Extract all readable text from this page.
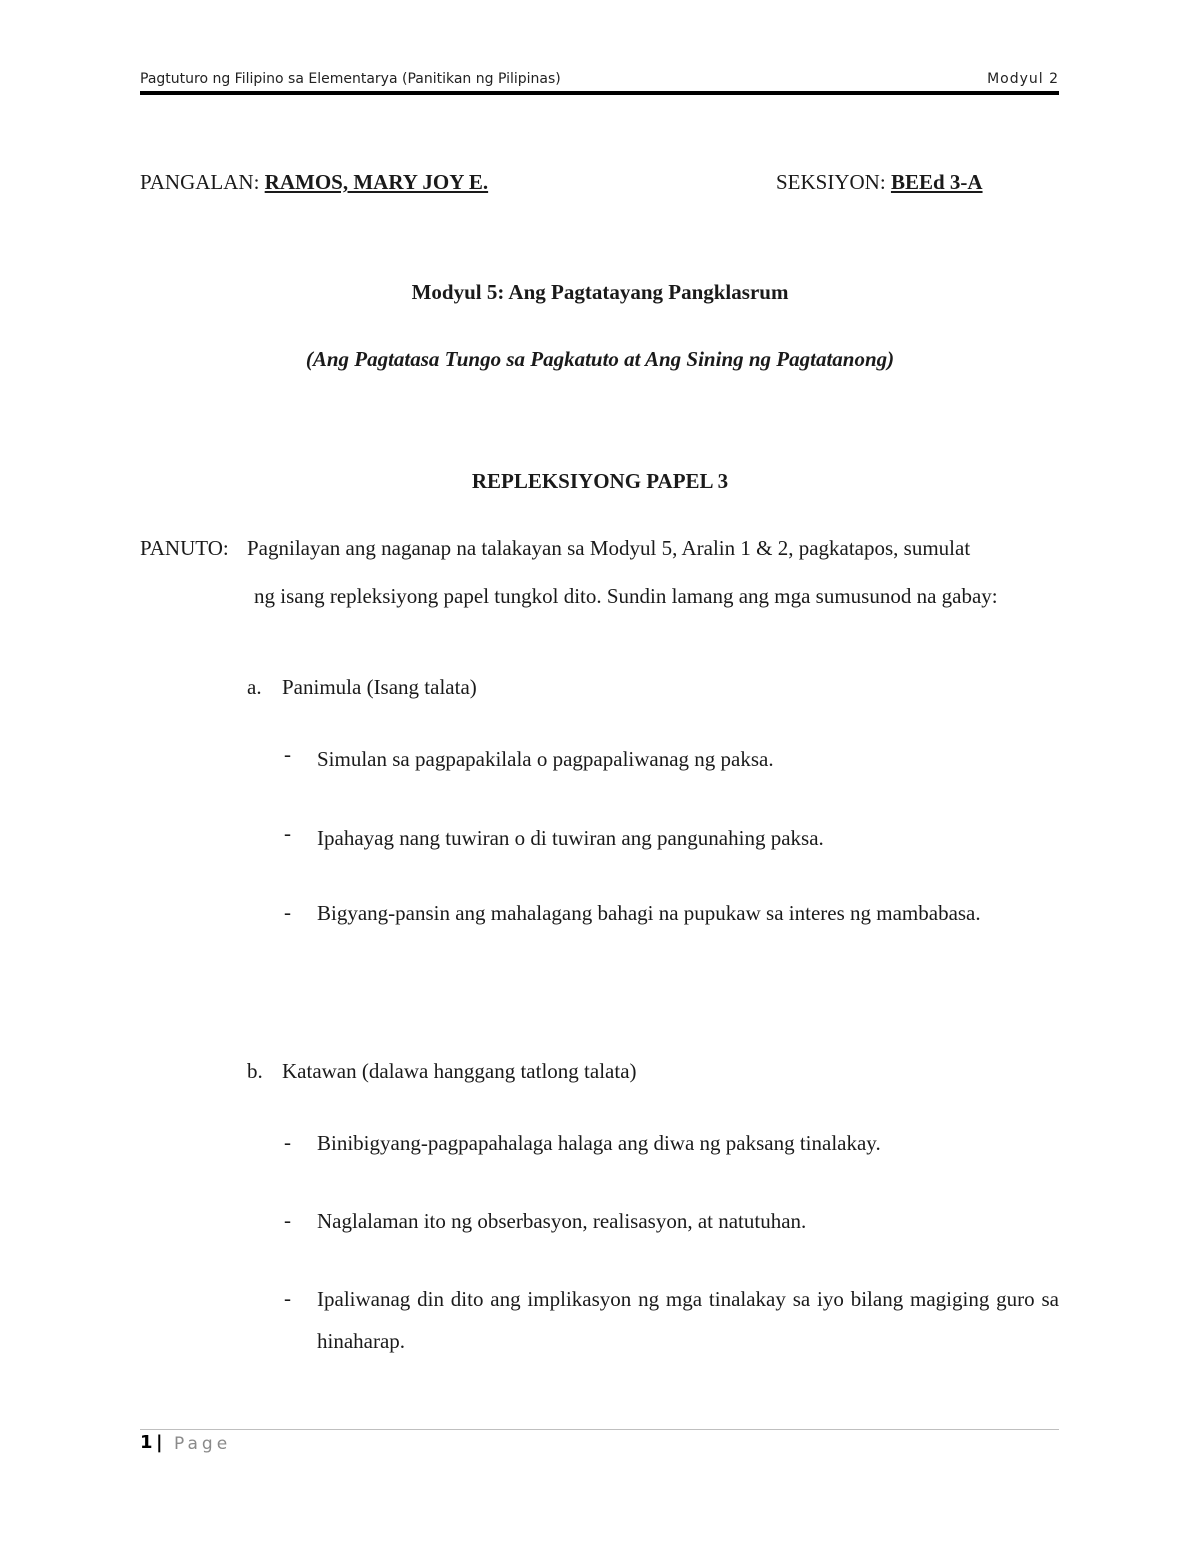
Pagtuturo ng Filipino sa Elementarya (Panitikan ng Pilipinas)	Modyul 2
PANGALAN: RAMOS, MARY JOY E.	SEKSIYON: BEEd 3-A
Modyul 5: Ang Pagtatayang Pangklasrum
(Ang Pagtatasa Tungo sa Pagkatuto at Ang Sining ng Pagtatanong)
REPLEKSIYONG PAPEL 3
PANUTO: Pagnilayan ang naganap na talakayan sa Modyul 5, Aralin 1 & 2, pagkatapos, sumulat
ng isang repleksiyong papel tungkol dito. Sundin lamang ang mga sumusunod na gabay:
a. Panimula (Isang talata)
- Simulan sa pagpapakilala o pagpapaliwanag ng paksa.
- Ipahayag nang tuwiran o di tuwiran ang pangunahing paksa.
- Bigyang-pansin ang mahalagang bahagi na pupukaw sa interes ng mambabasa.
b. Katawan (dalawa hanggang tatlong talata)
- Binibigyang-pagpapahalaga halaga ang diwa ng paksang tinalakay.
- Naglalaman ito ng obserbasyon, realisasyon, at natutuhan.
- Ipaliwanag din dito ang implikasyon ng mga tinalakay sa iyo bilang magiging guro sa hinaharap.
1 | Page
